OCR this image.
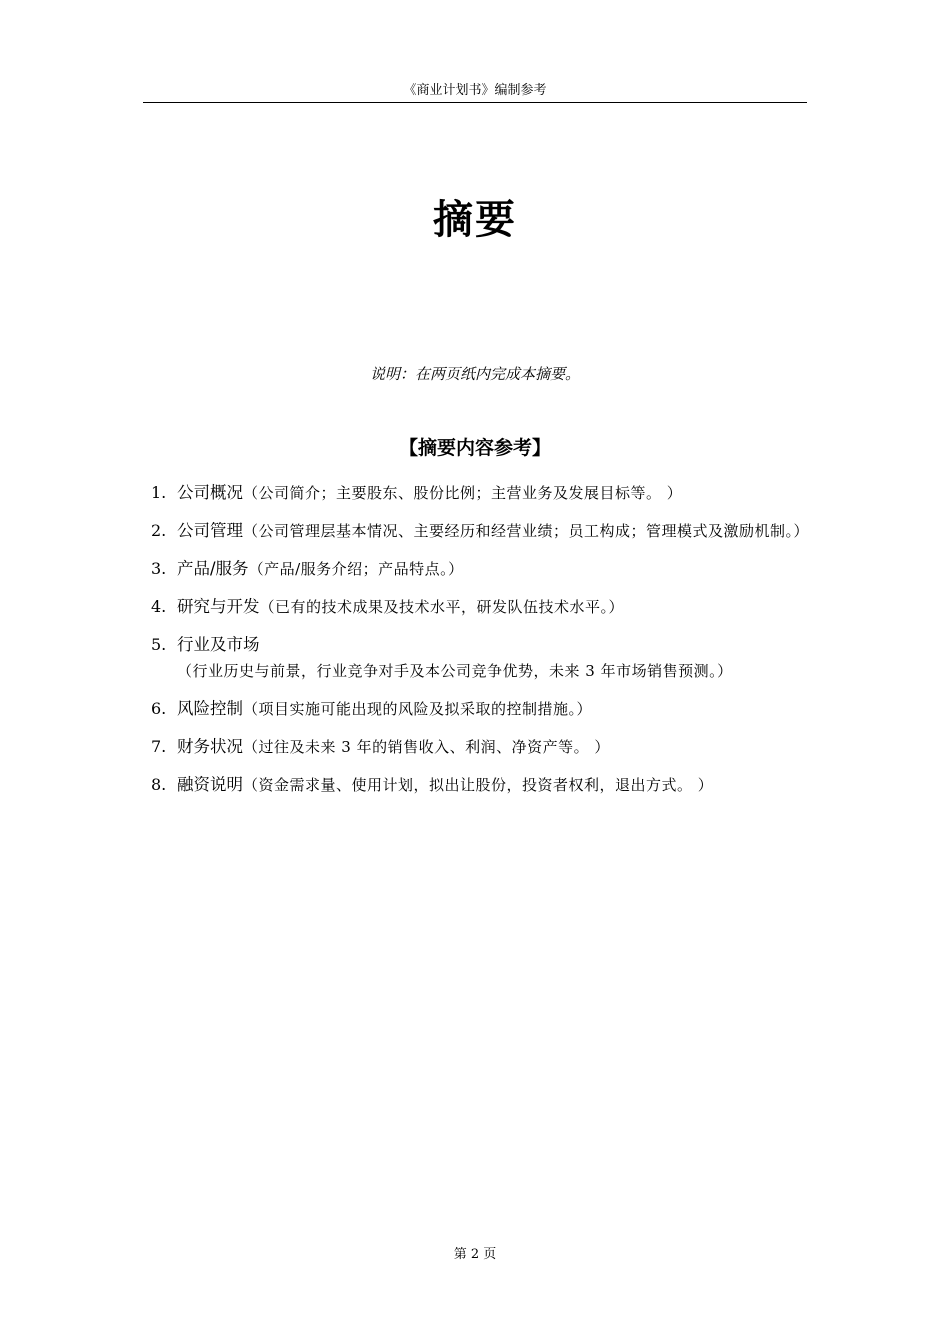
《商业计划书》编制参考
摘要
说明：在两页纸内完成本摘要。
【摘要内容参考】
1. 公司概况（公司简介；主要股东、股份比例；主营业务及发展目标等。 ）
2. 公司管理（公司管理层基本情况、主要经历和经营业绩；员工构成；管理模式及激励机制。）
3. 产品/服务（产品/服务介绍；产品特点。）
4. 研究与开发（已有的技术成果及技术水平，研发队伍技术水平。）
5. 行业及市场（行业历史与前景，行业竞争对手及本公司竞争优势，未来 3 年市场销售预测。）
6. 风险控制（项目实施可能出现的风险及拟采取的控制措施。）
7. 财务状况（过往及未来 3 年的销售收入、利润、净资产等。 ）
8. 融资说明（资金需求量、使用计划，拟出让股份，投资者权利，退出方式。 ）
第 2 页
